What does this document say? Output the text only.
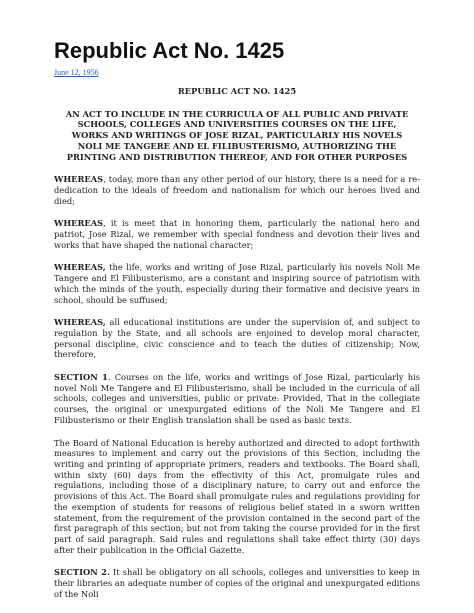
Republic Act No. 1425
June 12, 1956
REPUBLIC ACT NO. 1425
AN ACT TO INCLUDE IN THE CURRICULA OF ALL PUBLIC AND PRIVATE SCHOOLS, COLLEGES AND UNIVERSITIES COURSES ON THE LIFE, WORKS AND WRITINGS OF JOSE RIZAL, PARTICULARLY HIS NOVELS NOLI ME TANGERE AND EL FILIBUSTERISMO, AUTHORIZING THE PRINTING AND DISTRIBUTION THEREOF, AND FOR OTHER PURPOSES

WHEREAS, today, more than any other period of our history, there is a need for a re-dedication to the ideals of freedom and nationalism for which our heroes lived and died;

WHEREAS, it is meet that in honoring them, particularly the national hero and patriot, Jose Rizal, we remember with special fondness and devotion their lives and works that have shaped the national character;

WHEREAS, the life, works and writing of Jose Rizal, particularly his novels Noli Me Tangere and El Filibusterismo, are a constant and inspiring source of patriotism with which the minds of the youth, especially during their formative and decisive years in school, should be suffused;

WHEREAS, all educational institutions are under the supervision of, and subject to regulation by the State, and all schools are enjoined to develop moral character, personal discipline, civic conscience and to teach the duties of citizenship; Now, therefore,

SECTION 1. Courses on the life, works and writings of Jose Rizal, particularly his novel Noli Me Tangere and El Filibusterismo, shall be included in the curricula of all schools, colleges and universities, public or private: Provided, That in the collegiate courses, the original or unexpurgated editions of the Noli Me Tangere and El Filibusterismo or their English translation shall be used as basic texts.

The Board of National Education is hereby authorized and directed to adopt forthwith measures to implement and carry out the provisions of this Section, including the writing and printing of appropriate primers, readers and textbooks. The Board shall, within sixty (60) days from the effectivity of this Act, promulgate rules and regulations, including those of a disciplinary nature, to carry out and enforce the provisions of this Act. The Board shall promulgate rules and regulations providing for the exemption of students for reasons of religious belief stated in a sworn written statement, from the requirement of the provision contained in the second part of the first paragraph of this section; but not from taking the course provided for in the first part of said paragraph. Said rules and regulations shall take effect thirty (30) days after their publication in the Official Gazette.

SECTION 2. It shall be obligatory on all schools, colleges and universities to keep in their libraries an adequate number of copies of the original and unexpurgated editions of the Noli
